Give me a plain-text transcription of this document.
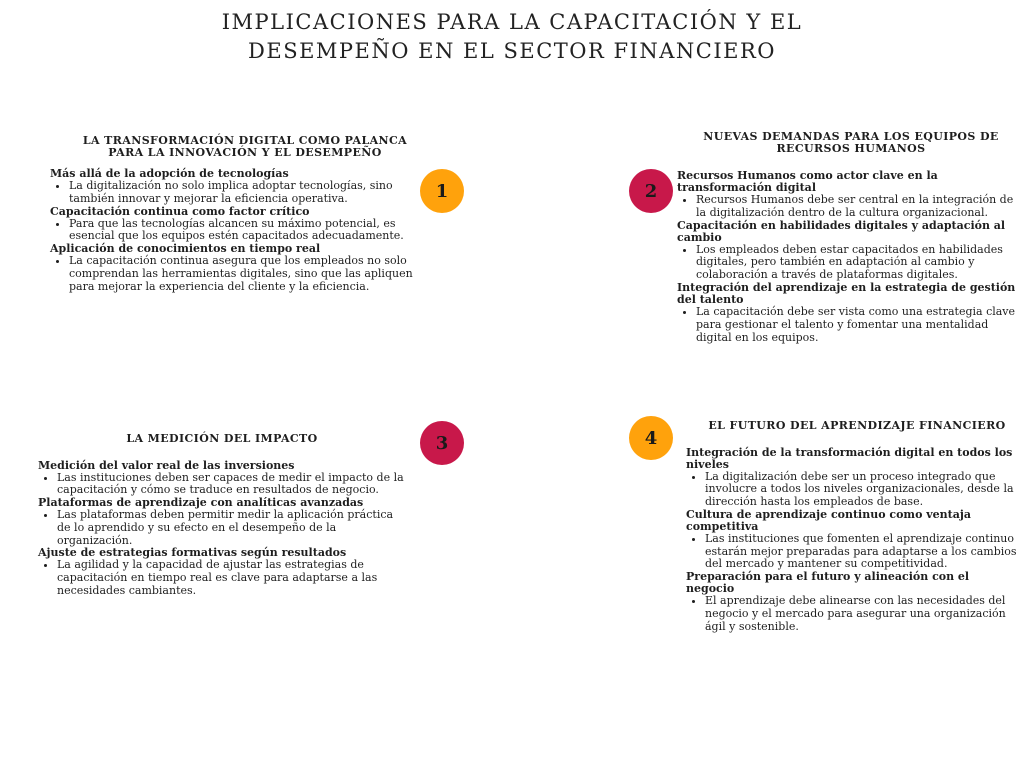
IMPLICACIONES PARA LA CAPACITACIÓN Y EL
DESEMPEÑO EN EL SECTOR FINANCIERO
LA TRANSFORMACIÓN DIGITAL COMO PALANCA
PARA LA INNOVACIÓN Y EL DESEMPEÑO
Más allá de la adopción de tecnologías
• La digitalización no solo implica adoptar tecnologías, sino también innovar y mejorar la eficiencia operativa.
Capacitación continua como factor crítico
• Para que las tecnologías alcancen su máximo potencial, es esencial que los equipos estén capacitados adecuadamente.
Aplicación de conocimientos en tiempo real
• La capacitación continua asegura que los empleados no solo comprendan las herramientas digitales, sino que las apliquen para mejorar la experiencia del cliente y la eficiencia.
1
NUEVAS DEMANDAS PARA LOS EQUIPOS DE
RECURSOS HUMANOS
Recursos Humanos como actor clave en la transformación digital
• Recursos Humanos debe ser central en la integración de la digitalización dentro de la cultura organizacional.
Capacitación en habilidades digitales y adaptación al cambio
• Los empleados deben estar capacitados en habilidades digitales, pero también en adaptación al cambio y colaboración a través de plataformas digitales.
Integración del aprendizaje en la estrategia de gestión del talento
• La capacitación debe ser vista como una estrategia clave para gestionar el talento y fomentar una mentalidad digital en los equipos.
2
LA MEDICIÓN DEL IMPACTO
Medición del valor real de las inversiones
• Las instituciones deben ser capaces de medir el impacto de la capacitación y cómo se traduce en resultados de negocio.
Plataformas de aprendizaje con analíticas avanzadas
• Las plataformas deben permitir medir la aplicación práctica de lo aprendido y su efecto en el desempeño de la organización.
Ajuste de estrategias formativas según resultados
• La agilidad y la capacidad de ajustar las estrategias de capacitación en tiempo real es clave para adaptarse a las necesidades cambiantes.
3
EL FUTURO DEL APRENDIZAJE FINANCIERO
Integración de la transformación digital en todos los niveles
• La digitalización debe ser un proceso integrado que involucre a todos los niveles organizacionales, desde la dirección hasta los empleados de base.
Cultura de aprendizaje continuo como ventaja competitiva
• Las instituciones que fomenten el aprendizaje continuo estarán mejor preparadas para adaptarse a los cambios del mercado y mantener su competitividad.
Preparación para el futuro y alineación con el negocio
• El aprendizaje debe alinearse con las necesidades del negocio y el mercado para asegurar una organización ágil y sostenible.
4
